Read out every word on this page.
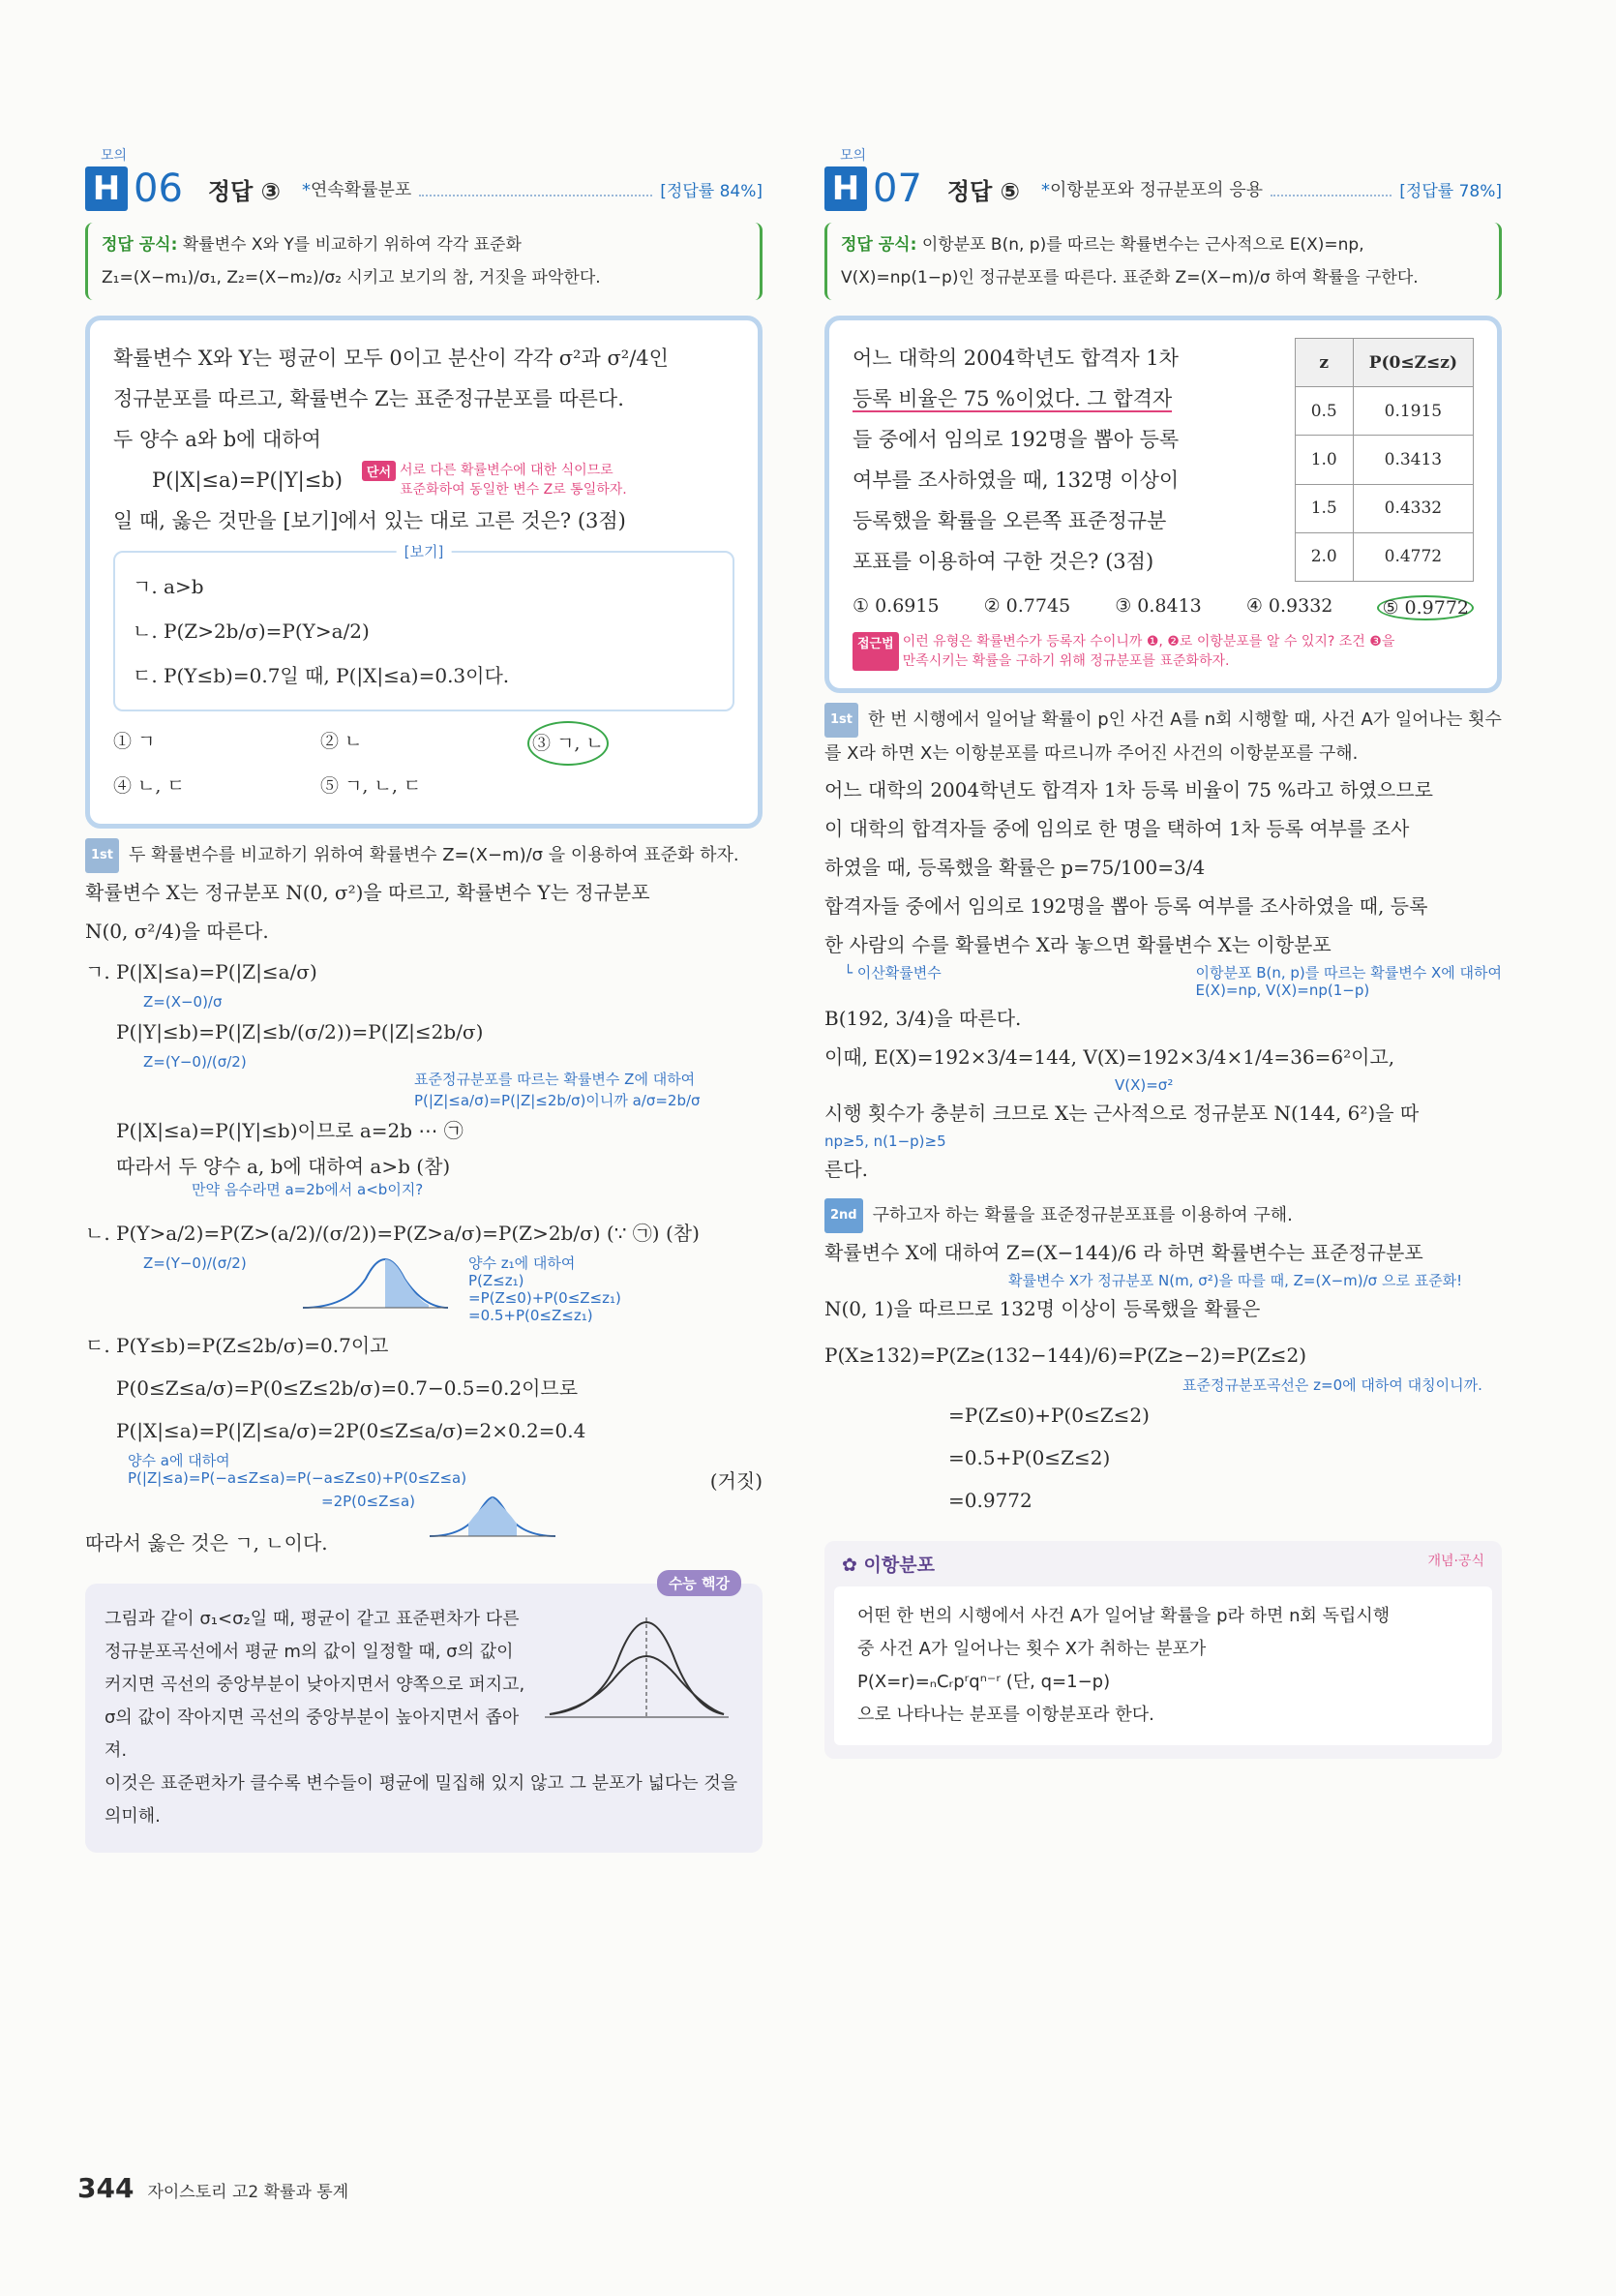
모의
H 06 정답 ③ *연속확률분포	[정답률 84%]
정답 공식: 확률변수 X와 Y를 비교하기 위하여 각각 표준화
Z₁=(X−m₁)/σ₁, Z₂=(X−m₂)/σ₂ 시키고 보기의 참, 거짓을 파악한다.
확률변수 X와 Y는 평균이 모두 0이고 분산이 각각 σ²과 σ²/4인
정규분포를 따르고, 확률변수 Z는 표준정규분포를 따른다.
두 양수 a와 b에 대하여
P(|X|≤a)=P(|Y|≤b)	단서 서로 다른 확률변수에 대한 식이므로
표준화하여 동일한 변수 Z로 통일하자.
일 때, 옳은 것만을 [보기]에서 있는 대로 고른 것은? (3점)
[보기]
ㄱ. a>b
ㄴ. P(Z>2b/σ)=P(Y>a/2)
ㄷ. P(Y≤b)=0.7일 때, P(|X|≤a)=0.3이다.
① ㄱ	② ㄴ	③ ㄱ, ㄴ
④ ㄴ, ㄷ	⑤ ㄱ, ㄴ, ㄷ
1st 두 확률변수를 비교하기 위하여 확률변수 Z=(X−m)/σ 을 이용하여 표준화 하자.
확률변수 X는 정규분포 N(0, σ²)을 따르고, 확률변수 Y는 정규분포
N(0, σ²/4)을 따른다.
ㄱ. P(|X|≤a)=P(|Z|≤a/σ)
Z=(X−0)/σ
P(|Y|≤b)=P(|Z|≤b/(σ/2))=P(|Z|≤2b/σ)
Z=(Y−0)/(σ/2)
표준정규분포를 따르는 확률변수 Z에 대하여
P(|Z|≤a/σ)=P(|Z|≤2b/σ)이니까 a/σ=2b/σ
P(|X|≤a)=P(|Y|≤b)이므로 a=2b ⋯ ㉠
따라서 두 양수 a, b에 대하여 a>b (참)
만약 음수라면 a=2b에서 a<b이지?
ㄴ. P(Y>a/2)=P(Z>(a/2)/(σ/2))=P(Z>a/σ)=P(Z>2b/σ) (∵ ㉠) (참)
Z=(Y−0)/(σ/2)	양수 z₁에 대하여
P(Z≤z₁)
=P(Z≤0)+P(0≤Z≤z₁)
=0.5+P(0≤Z≤z₁)
ㄷ. P(Y≤b)=P(Z≤2b/σ)=0.7이고
P(0≤Z≤a/σ)=P(0≤Z≤2b/σ)=0.7−0.5=0.2이므로
P(|X|≤a)=P(|Z|≤a/σ)=2P(0≤Z≤a/σ)=2×0.2=0.4
양수 a에 대하여
P(|Z|≤a)=P(−a≤Z≤a)=P(−a≤Z≤0)+P(0≤Z≤a)	(거짓)
=2P(0≤Z≤a)
따라서 옳은 것은 ㄱ, ㄴ이다.
수능 핵강
그림과 같이 σ₁<σ₂일 때, 평균이 같고 표준편차가 다른 정규분포곡선에서 평균 m의 값이 일정할 때, σ의 값이 커지면 곡선의 중앙부분이 낮아지면서 양쪽으로 퍼지고, σ의 값이 작아지면 곡선의 중앙부분이 높아지면서 좁아져.
이것은 표준편차가 클수록 변수들이 평균에 밀집해 있지 않고 그 분포가 넓다는 것을 의미해.
모의
H 07 정답 ⑤ *이항분포와 정규분포의 응용	[정답률 78%]
정답 공식: 이항분포 B(n, p)를 따르는 확률변수는 근사적으로 E(X)=np, V(X)=np(1−p)인 정규분포를 따른다. 표준화 Z=(X−m)/σ 하여 확률을 구한다.
어느 대학의 2004학년도 합격자 1차
등록 비율은 75 %이었다. 그 합격자
들 중에서 임의로 192명을 뽑아 등록
여부를 조사하였을 때, 132명 이상이
등록했을 확률을 오른쪽 표준정규분
포표를 이용하여 구한 것은? (3점)
z	P(0≤Z≤z)
0.5	0.1915
1.0	0.3413
1.5	0.4332
2.0	0.4772
① 0.6915 ② 0.7745 ③ 0.8413 ④ 0.9332	⑤ 0.9772
접근법 이런 유형은 확률변수가 등록자 수이니까 ❶, ❷로 이항분포를 알 수 있지? 조건 ❸을
만족시키는 확률을 구하기 위해 정규분포를 표준화하자.
1st 한 번 시행에서 일어날 확률이 p인 사건 A를 n회 시행할 때, 사건 A가 일어나는 횟수를 X라 하면 X는 이항분포를 따르니까 주어진 사건의 이항분포를 구해.
어느 대학의 2004학년도 합격자 1차 등록 비율이 75 %라고 하였으므로
이 대학의 합격자들 중에 임의로 한 명을 택하여 1차 등록 여부를 조사
하였을 때, 등록했을 확률은 p=75/100=3/4
합격자들 중에서 임의로 192명을 뽑아 등록 여부를 조사하였을 때, 등록
한 사람의 수를 확률변수 X라 놓으면 확률변수 X는 이항분포
└ 이산확률변수	이항분포 B(n, p)를 따르는 확률변수 X에 대하여
E(X)=np, V(X)=np(1−p)
B(192, 3/4)을 따른다.
이때, E(X)=192×3/4=144, V(X)=192×3/4×1/4=36=6²이고,
V(X)=σ²
시행 횟수가 충분히 크므로 X는 근사적으로 정규분포 N(144, 6²)을 따
np≥5, n(1−p)≥5
른다.
2nd 구하고자 하는 확률을 표준정규분포표를 이용하여 구해.
확률변수 X에 대하여 Z=(X−144)/6 라 하면 확률변수는 표준정규분포
확률변수 X가 정규분포 N(m, σ²)을 따를 때, Z=(X−m)/σ 으로 표준화!
N(0, 1)을 따르므로 132명 이상이 등록했을 확률은
P(X≥132)=P(Z≥(132−144)/6)=P(Z≥−2)=P(Z≤2)
표준정규분포곡선은 z=0에 대하여 대칭이니까.
=P(Z≤0)+P(0≤Z≤2)
=0.5+P(0≤Z≤2)
=0.9772
✿ 이항분포	개념·공식
어떤 한 번의 시행에서 사건 A가 일어날 확률을 p라 하면 n회 독립시행
중 사건 A가 일어나는 횟수 X가 취하는 분포가
P(X=r)=ₙCᵣpʳqⁿ⁻ʳ (단, q=1−p)
으로 나타나는 분포를 이항분포라 한다.
344 자이스토리 고2 확률과 통계
